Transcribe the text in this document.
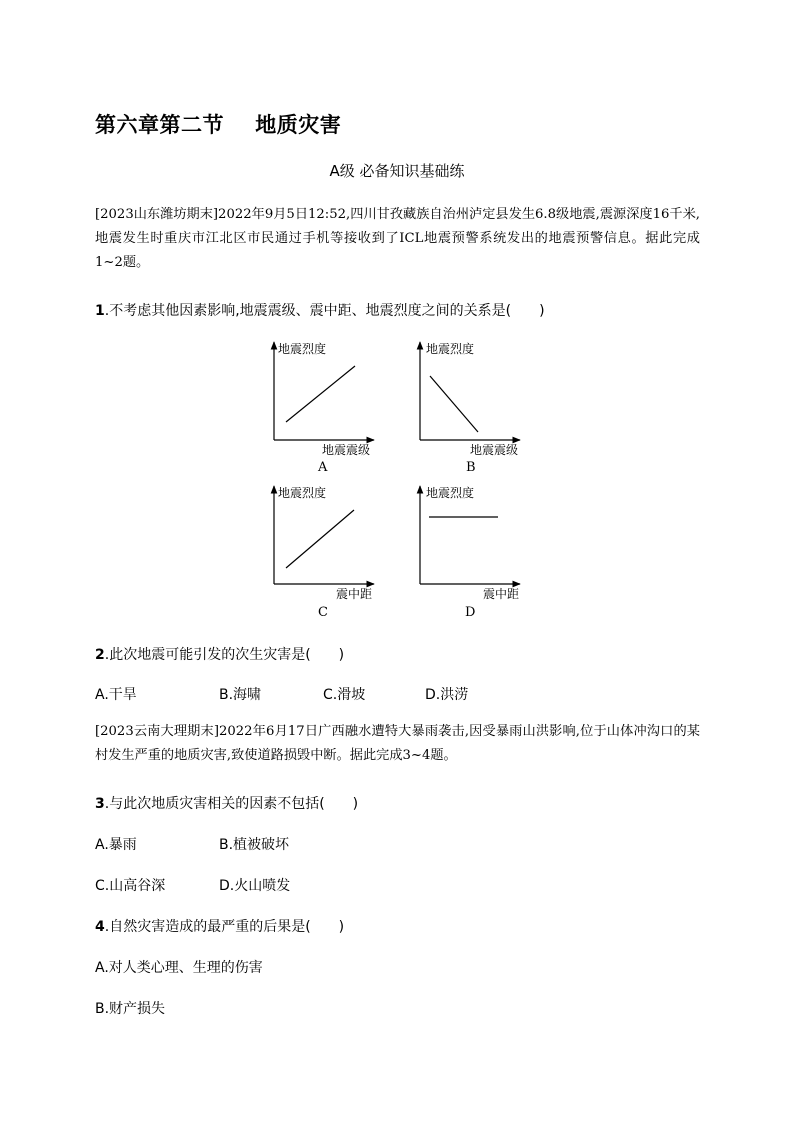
第六章第二节 地质灾害
A级 必备知识基础练
[2023山东潍坊期末]2022年9月5日12:52,四川甘孜藏族自治州泸定县发生6.8级地震,震源深度16千米,地震发生时重庆市江北区市民通过手机等接收到了ICL地震预警系统发出的地震预警信息。据此完成1~2题。
1.不考虑其他因素影响,地震震级、震中距、地震烈度之间的关系是(　　)
地震烈度
地震震级
A
地震烈度
地震震级
B
地震烈度
震中距
C
地震烈度
震中距
D
2.此次地震可能引发的次生灾害是(　　)
A.干旱	B.海啸	C.滑坡	D.洪涝
[2023云南大理期末]2022年6月17日广西融水遭特大暴雨袭击,因受暴雨山洪影响,位于山体冲沟口的某村发生严重的地质灾害,致使道路损毁中断。据此完成3~4题。
3.与此次地质灾害相关的因素不包括(　　)
A.暴雨	B.植被破坏
C.山高谷深	D.火山喷发
4.自然灾害造成的最严重的后果是(　　)
A.对人类心理、生理的伤害
B.财产损失
